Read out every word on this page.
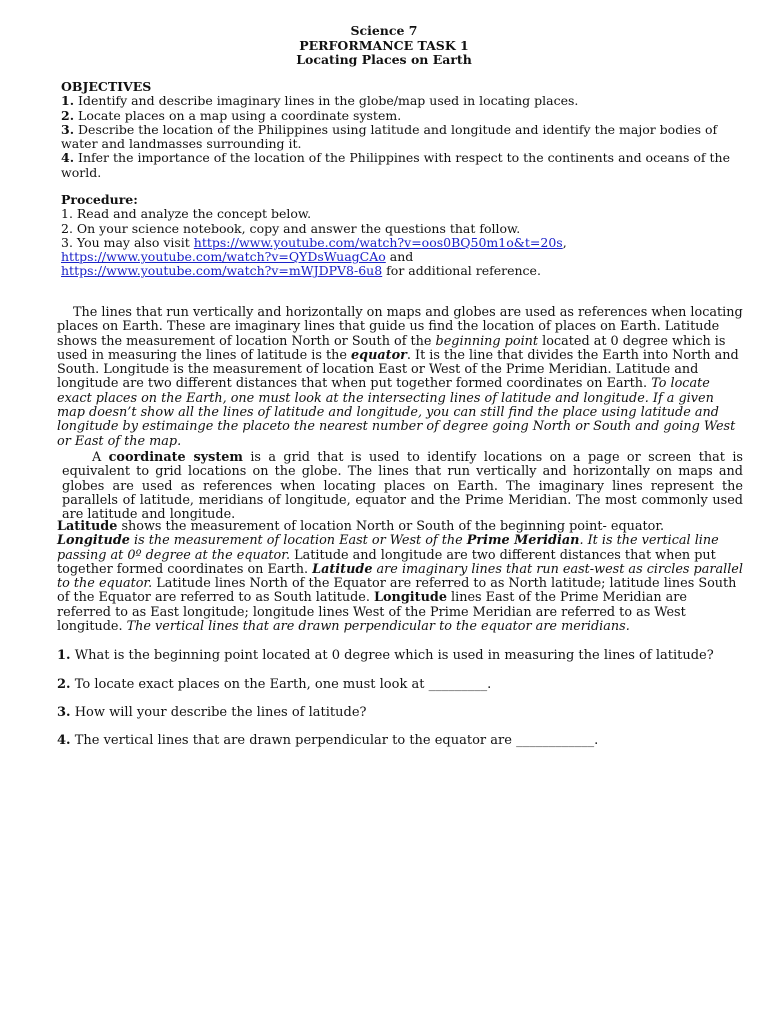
Science 7
PERFORMANCE TASK 1
Locating Places on Earth
OBJECTIVES
1. Identify and describe imaginary lines in the globe/map used in locating places.
2. Locate places on a map using a coordinate system.
3. Describe the location of the Philippines using latitude and longitude and identify the major bodies of water and landmasses surrounding it.
4. Infer the importance of the location of the Philippines with respect to the continents and oceans of the world.
Procedure:
1. Read and analyze the concept below.
2. On your science notebook, copy and answer the questions that follow.
3. You may also visit https://www.youtube.com/watch?v=oos0BQ50m1o&t=20s,
https://www.youtube.com/watch?v=QYDsWuagCAo and
https://www.youtube.com/watch?v=mWJDPV8-6u8 for additional reference.
The lines that run vertically and horizontally on maps and globes are used as references when locating places on Earth. These are imaginary lines that guide us find the location of places on Earth. Latitude shows the measurement of location North or South of the beginning point located at 0 degree which is used in measuring the lines of latitude is the equator. It is the line that divides the Earth into North and South. Longitude is the measurement of location East or West of the Prime Meridian. Latitude and longitude are two different distances that when put together formed coordinates on Earth. To locate exact places on the Earth, one must look at the intersecting lines of latitude and longitude. If a given map doesn’t show all the lines of latitude and longitude, you can still find the place using latitude and longitude by estimainge the placeto the nearest number of degree going North or South and going West or East of the map.
A coordinate system is a grid that is used to identify locations on a page or screen that is equivalent to grid locations on the globe. The lines that run vertically and horizontally on maps and globes are used as references when locating places on Earth. The imaginary lines represent the parallels of latitude, meridians of longitude, equator and the Prime Meridian. The most commonly used are latitude and longitude.
Latitude shows the measurement of location North or South of the beginning point- equator.
Longitude is the measurement of location East or West of the Prime Meridian. It is the vertical line passing at 0º degree at the equator. Latitude and longitude are two different distances that when put together formed coordinates on Earth. Latitude are imaginary lines that run east-west as circles parallel to the equator. Latitude lines North of the Equator are referred to as North latitude; latitude lines South of the Equator are referred to as South latitude. Longitude lines East of the Prime Meridian are referred to as East longitude; longitude lines West of the Prime Meridian are referred to as West longitude. The vertical lines that are drawn perpendicular to the equator are meridians.
1. What is the beginning point located at 0 degree which is used in measuring the lines of latitude?
2. To locate exact places on the Earth, one must look at _________.
3. How will your describe the lines of latitude?
4. The vertical lines that are drawn perpendicular to the equator are ____________.
